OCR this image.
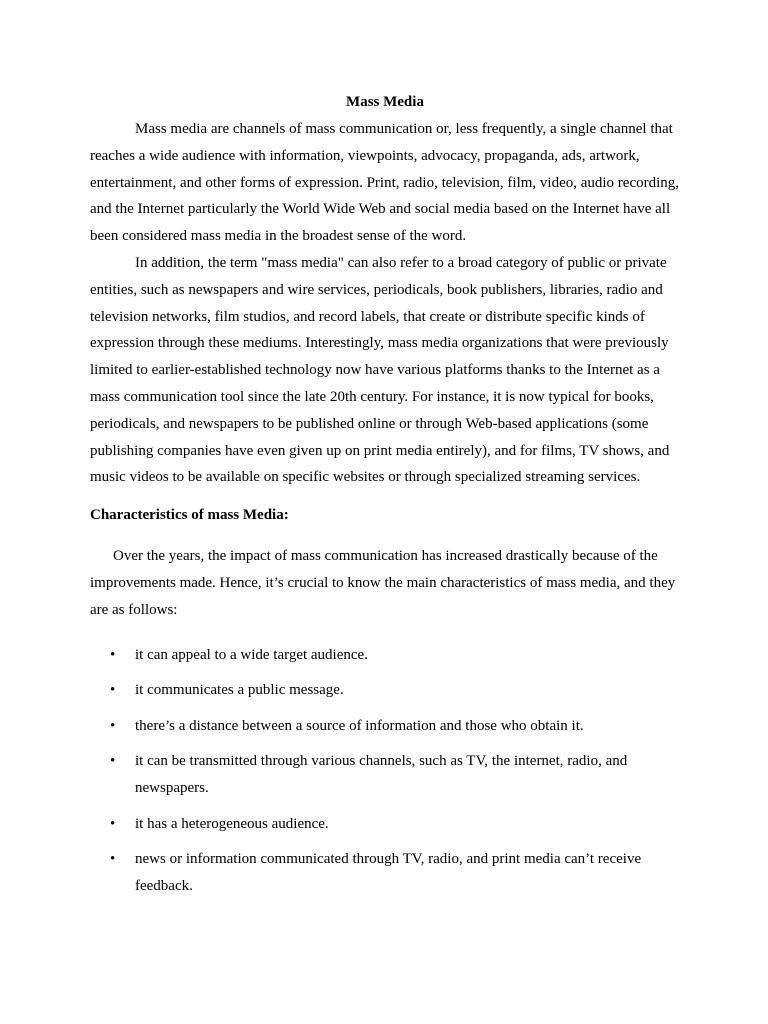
Mass Media

Mass media are channels of mass communication or, less frequently, a single channel that reaches a wide audience with information, viewpoints, advocacy, propaganda, ads, artwork, entertainment, and other forms of expression. Print, radio, television, film, video, audio recording, and the Internet particularly the World Wide Web and social media based on the Internet have all been considered mass media in the broadest sense of the word.

In addition, the term "mass media" can also refer to a broad category of public or private entities, such as newspapers and wire services, periodicals, book publishers, libraries, radio and television networks, film studios, and record labels, that create or distribute specific kinds of expression through these mediums. Interestingly, mass media organizations that were previously limited to earlier-established technology now have various platforms thanks to the Internet as a mass communication tool since the late 20th century. For instance, it is now typical for books, periodicals, and newspapers to be published online or through Web-based applications (some publishing companies have even given up on print media entirely), and for films, TV shows, and music videos to be available on specific websites or through specialized streaming services.

Characteristics of mass Media:

Over the years, the impact of mass communication has increased drastically because of the improvements made. Hence, it’s crucial to know the main characteristics of mass media, and they are as follows:

• it can appeal to a wide target audience.
• it communicates a public message.
• there’s a distance between a source of information and those who obtain it.
• it can be transmitted through various channels, such as TV, the internet, radio, and newspapers.
• it has a heterogeneous audience.
• news or information communicated through TV, radio, and print media can’t receive feedback.
